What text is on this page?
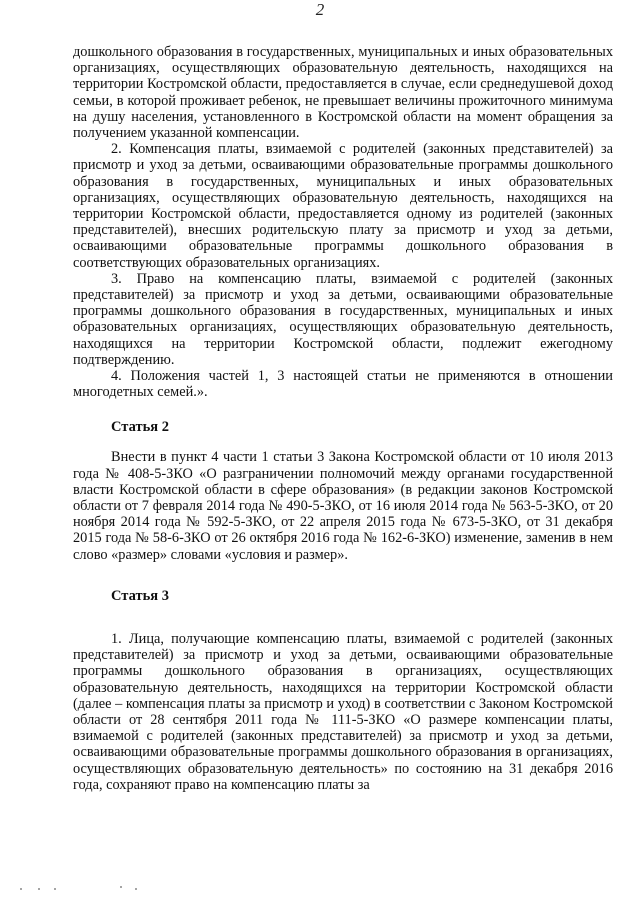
2

дошкольного образования в государственных, муниципальных и иных образовательных организациях, осуществляющих образовательную деятельность, находящихся на территории Костромской области, предоставляется в случае, если среднедушевой доход семьи, в которой проживает ребенок, не превышает величины прожиточного минимума на душу населения, установленного в Костромской области на момент обращения за получением указанной компенсации.

2. Компенсация платы, взимаемой с родителей (законных представителей) за присмотр и уход за детьми, осваивающими образовательные программы дошкольного образования в государственных, муниципальных и иных образовательных организациях, осуществляющих образовательную деятельность, находящихся на территории Костромской области, предоставляется одному из родителей (законных представителей), внесших родительскую плату за присмотр и уход за детьми, осваивающими образовательные программы дошкольного образования в соответствующих образовательных организациях.

3. Право на компенсацию платы, взимаемой с родителей (законных представителей) за присмотр и уход за детьми, осваивающими образовательные программы дошкольного образования в государственных, муниципальных и иных образовательных организациях, осуществляющих образовательную деятельность, находящихся на территории Костромской области, подлежит ежегодному подтверждению.

4. Положения частей 1, 3 настоящей статьи не применяются в отношении многодетных семей.».

Статья 2

Внести в пункт 4 части 1 статьи 3 Закона Костромской области от 10 июля 2013 года № 408-5-ЗКО «О разграничении полномочий между органами государственной власти Костромской области в сфере образования» (в редакции законов Костромской области от 7 февраля 2014 года № 490-5-ЗКО, от 16 июля 2014 года № 563-5-ЗКО, от 20 ноября 2014 года № 592-5-ЗКО, от 22 апреля 2015 года № 673-5-ЗКО, от 31 декабря 2015 года № 58-6-ЗКО от 26 октября 2016 года № 162-6-ЗКО) изменение, заменив в нем слово «размер» словами «условия и размер».

Статья 3

1. Лица, получающие компенсацию платы, взимаемой с родителей (законных представителей) за присмотр и уход за детьми, осваивающими образовательные программы дошкольного образования в организациях, осуществляющих образовательную деятельность, находящихся на территории Костромской области (далее – компенсация платы за присмотр и уход) в соответствии с Законом Костромской области от 28 сентября 2011 года № 111-5-ЗКО «О размере компенсации платы, взимаемой с родителей (законных представителей) за присмотр и уход за детьми, осваивающими образовательные программы дошкольного образования в организациях, осуществляющих образовательную деятельность» по состоянию на 31 декабря 2016 года, сохраняют право на компенсацию платы за
